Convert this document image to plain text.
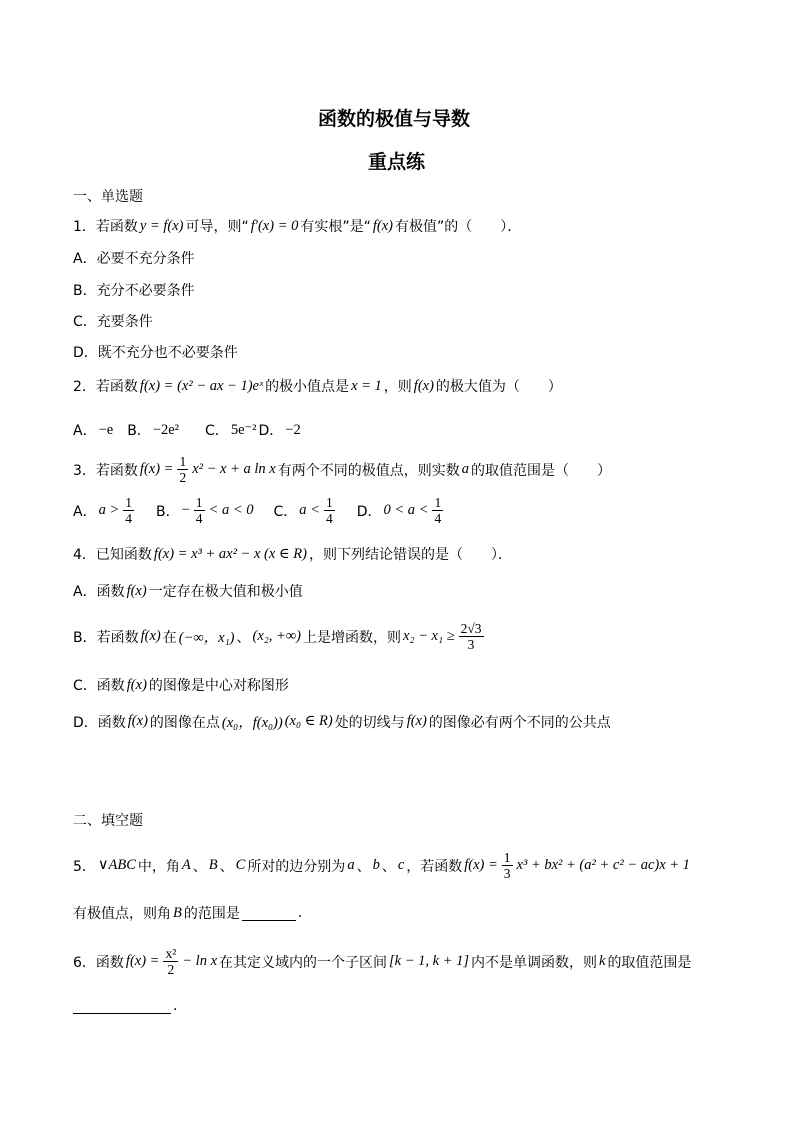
函数的极值与导数
重点练
一、单选题
1．若函数 y = f(x) 可导，则“ f′(x) = 0 有实根”是“ f(x) 有极值”的（　　）．
A．必要不充分条件
B．充分不必要条件
C．充要条件
D．既不充分也不必要条件
2．若函数 f(x) = (x² − ax − 1)eˣ 的极小值点是 x = 1 ，则 f(x) 的极大值为（　　）
A． −e B． −2e² C． 5e⁻² D． −2
3．若函数 $f(x) = \frac{1}{2} x^2 - x + a$ ln x 有两个不同的极值点，则实数 a 的取值范围是（　　）
A． $a > \frac{1}{4}$ B． − $\frac{1}{4} < a < 0$ C． $a < \frac{1}{4}$ D． $0 < a < \frac{1}{4}$
4．已知函数 f(x) = x³ + ax² − x (x ∈ R) ，则下列结论错误的是（　　）．
A．函数 f(x) 一定存在极大值和极小值
B．若函数 f(x) 在 (−∞，x₁) 、 (x₂, +∞) 上是增函数，则 $x_2 - x_1 \ge \frac{2√3}{3}$
C．函数 f(x) 的图像是中心对称图形
D．函数 f(x) 的图像在点 (x₀，f(x₀)) (x₀ ∈ R) 处的切线与 f(x) 的图像必有两个不同的公共点
二、填空题
5． ∨ABC 中，角 A 、 B 、 C 所对的边分别为 a 、 b 、 c ，若函数 $f(x) = \frac{1}{3} x^3 + bx^2 + (a^2 + c^2 - ac)x + 1$
有极值点，则角 B 的范围是	.
6．函数 $f(x) = \frac{\text{x²}}{2} - \ln x$ 在其定义域内的一个子区间 [k − 1, k + 1] 内不是单调函数，则 k 的取值范围是
.
